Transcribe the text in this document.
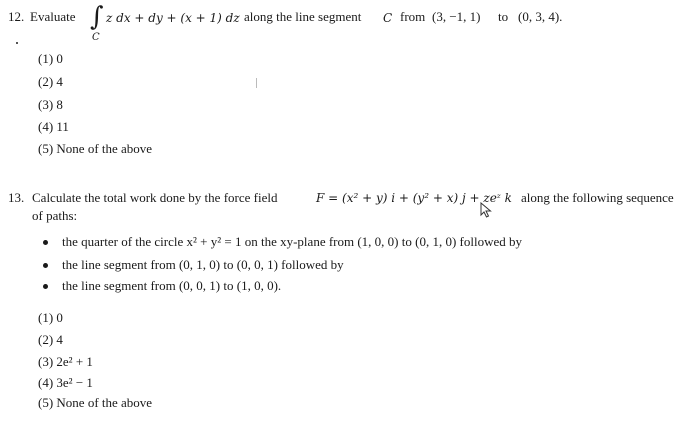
12. Evaluate ∫
C
z dx + dy + (x + 1) dz along the line segment C from (3, −1, 1) to (0, 3, 4).
(1) 0
(2) 4
(3) 8
(4) 11
(5) None of the above
13. Calculate the total work done by the force field	F = (x² + y) i + (y² + x) j + zeᶻ k along the following sequence
of paths:
the quarter of the circle x² + y² = 1 on the xy-plane from (1, 0, 0) to (0, 1, 0) followed by
the line segment from (0, 1, 0) to (0, 0, 1) followed by
the line segment from (0, 0, 1) to (1, 0, 0).
(1) 0
(2) 4
(3) 2e² + 1
(4) 3e² − 1
(5) None of the above
